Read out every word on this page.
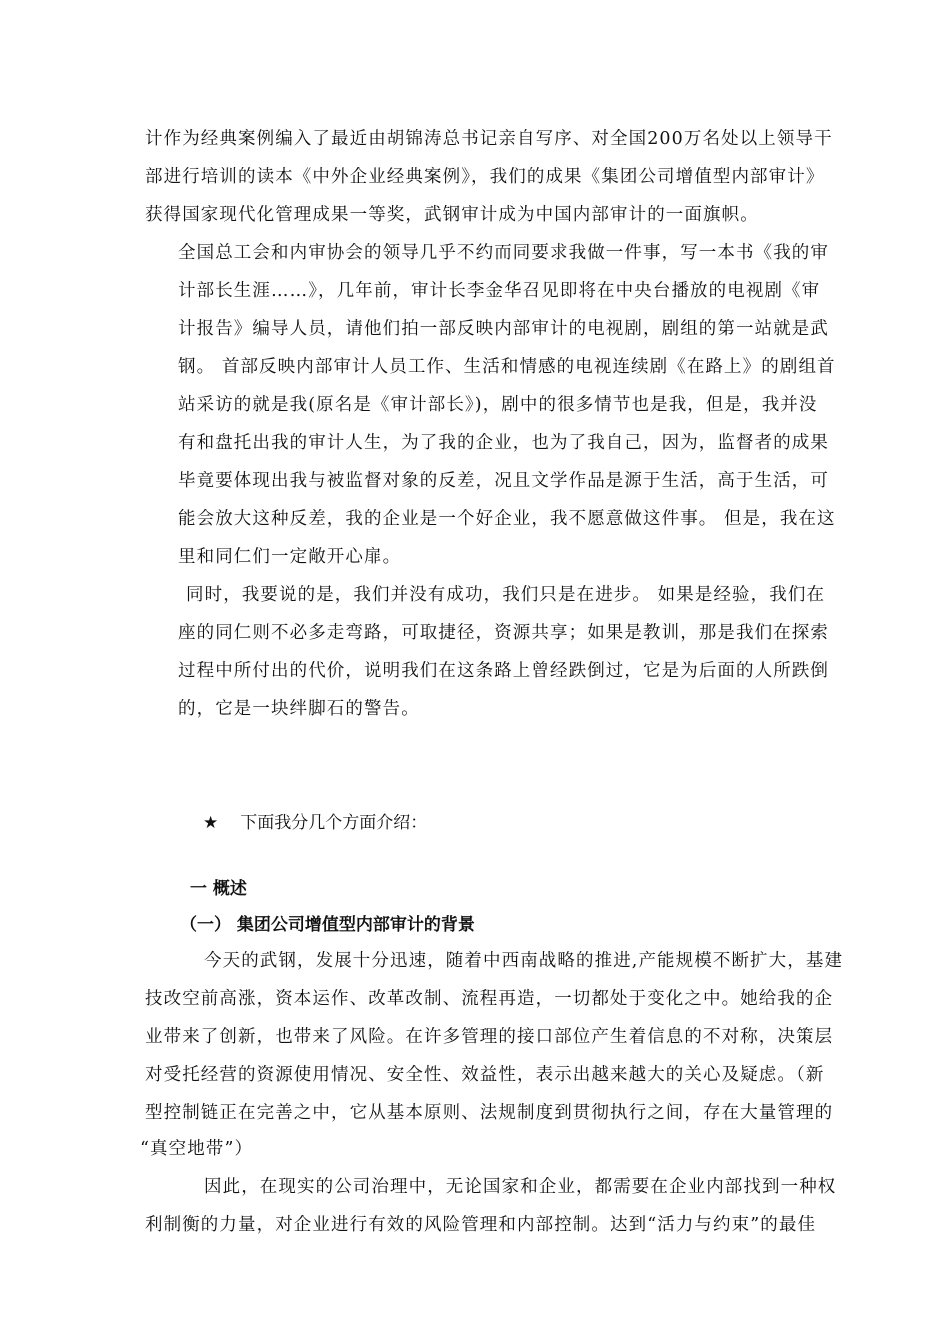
计作为经典案例编入了最近由胡锦涛总书记亲自写序、对全国200万名处以上领导干
部进行培训的读本《中外企业经典案例》，我们的成果《集团公司增值型内部审计》
获得国家现代化管理成果一等奖，武钢审计成为中国内部审计的一面旗帜。
全国总工会和内审协会的领导几乎不约而同要求我做一件事，写一本书《我的审
计部长生涯……》，几年前，审计长李金华召见即将在中央台播放的电视剧《审
计报告》编导人员，请他们拍一部反映内部审计的电视剧，剧组的第一站就是武
钢。 首部反映内部审计人员工作、生活和情感的电视连续剧《在路上》的剧组首
站采访的就是我(原名是《审计部长》)，剧中的很多情节也是我，但是，我并没
有和盘托出我的审计人生，为了我的企业，也为了我自己，因为，监督者的成果
毕竟要体现出我与被监督对象的反差，况且文学作品是源于生活，高于生活，可
能会放大这种反差，我的企业是一个好企业，我不愿意做这件事。 但是，我在这
里和同仁们一定敞开心扉。
同时，我要说的是，我们并没有成功，我们只是在进步。 如果是经验，我们在
座的同仁则不必多走弯路，可取捷径，资源共享；如果是教训，那是我们在探索
过程中所付出的代价，说明我们在这条路上曾经跌倒过，它是为后面的人所跌倒
的，它是一块绊脚石的警告。
★ 下面我分几个方面介绍：
一 概述
（一） 集团公司增值型内部审计的背景
今天的武钢，发展十分迅速，随着中西南战略的推进,产能规模不断扩大，基建
技改空前高涨，资本运作、改革改制、流程再造，一切都处于变化之中。她给我的企
业带来了创新，也带来了风险。在许多管理的接口部位产生着信息的不对称，决策层
对受托经营的资源使用情况、安全性、效益性，表示出越来越大的关心及疑虑。（新
型控制链正在完善之中，它从基本原则、法规制度到贯彻执行之间，存在大量管理的
“真空地带”）
因此，在现实的公司治理中，无论国家和企业，都需要在企业内部找到一种权
利制衡的力量，对企业进行有效的风险管理和内部控制。达到“活力与约束”的最佳
